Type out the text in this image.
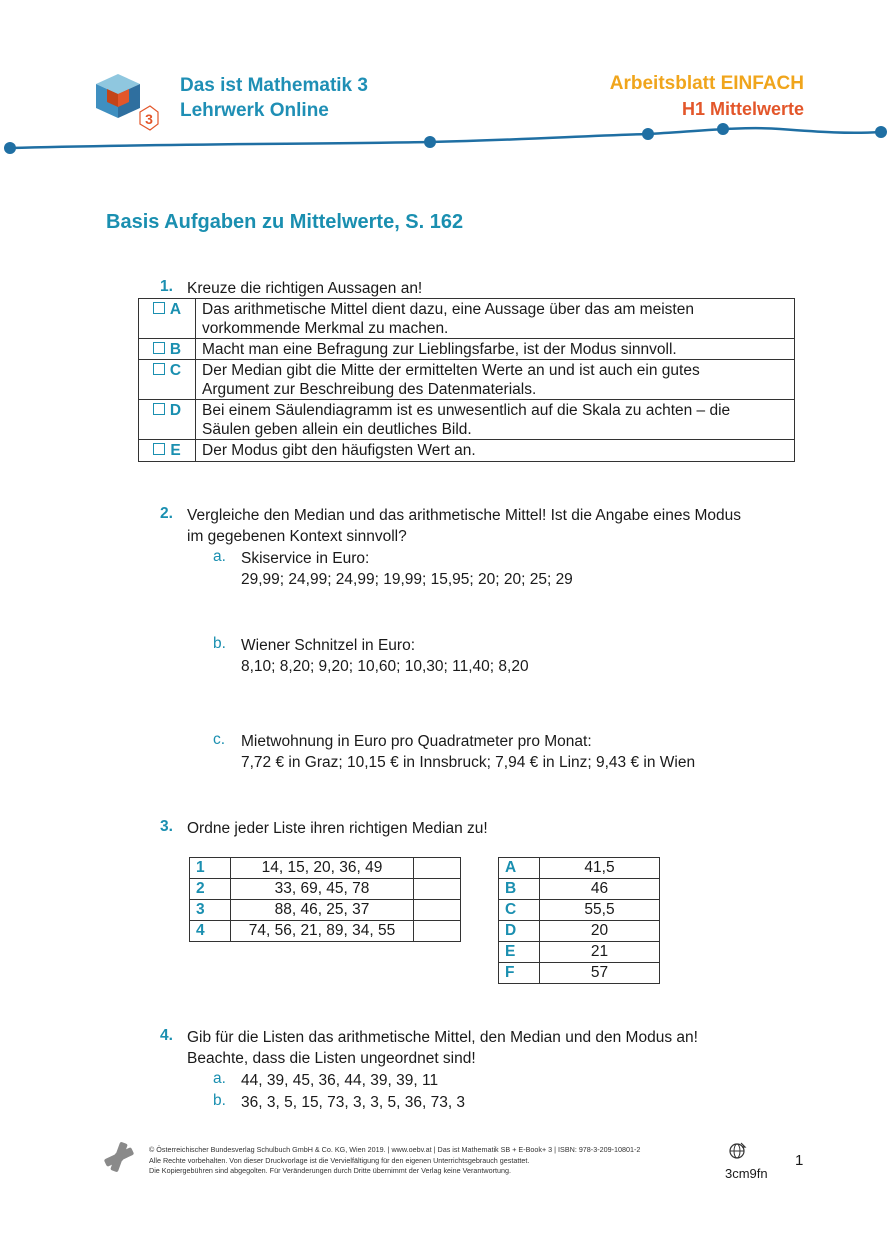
3
Das ist Mathematik 3
Lehrwerk Online
Arbeitsblatt EINFACH
H1 Mittelwerte
Basis Aufgaben zu Mittelwerte, S. 162
1. Kreuze die richtigen Aussagen an!
A	Das arithmetische Mittel dient dazu, eine Aussage über das am meisten
vorkommende Merkmal zu machen.
B	Macht man eine Befragung zur Lieblingsfarbe, ist der Modus sinnvoll.
C	Der Median gibt die Mitte der ermittelten Werte an und ist auch ein gutes
Argument zur Beschreibung des Datenmaterials.
D	Bei einem Säulendiagramm ist es unwesentlich auf die Skala zu achten – die
Säulen geben allein ein deutliches Bild.
E	Der Modus gibt den häufigsten Wert an.
2. Vergleiche den Median und das arithmetische Mittel! Ist die Angabe eines Modus
im gegebenen Kontext sinnvoll?
a. Skiservice in Euro:
29,99; 24,99; 24,99; 19,99; 15,95; 20; 20; 25; 29
b. Wiener Schnitzel in Euro:
8,10; 8,20; 9,20; 10,60; 10,30; 11,40; 8,20
c. Mietwohnung in Euro pro Quadratmeter pro Monat:
7,72 € in Graz; 10,15 € in Innsbruck; 7,94 € in Linz; 9,43 € in Wien
3. Ordne jeder Liste ihren richtigen Median zu!
1	14, 15, 20, 36, 49	
2	33, 69, 45, 78	
3	88, 46, 25, 37	
4	74, 56, 21, 89, 34, 55	
A	41,5
B	46
C	55,5
D	20
E	21
F	57
4. Gib für die Listen das arithmetische Mittel, den Median und den Modus an!
Beachte, dass die Listen ungeordnet sind!
a. 44, 39, 45, 36, 44, 39, 39, 11
b. 36, 3, 5, 15, 73, 3, 3, 5, 36, 73, 3
© Österreichischer Bundesverlag Schulbuch GmbH & Co. KG, Wien 2019. | www.oebv.at | Das ist Mathematik SB + E-Book+ 3 | ISBN: 978-3-209-10801-2
Alle Rechte vorbehalten. Von dieser Druckvorlage ist die Vervielfältigung für den eigenen Unterrichtsgebrauch gestattet.
Die Kopiergebühren sind abgegolten. Für Veränderungen durch Dritte übernimmt der Verlag keine Verantwortung.	3cm9fn
1
